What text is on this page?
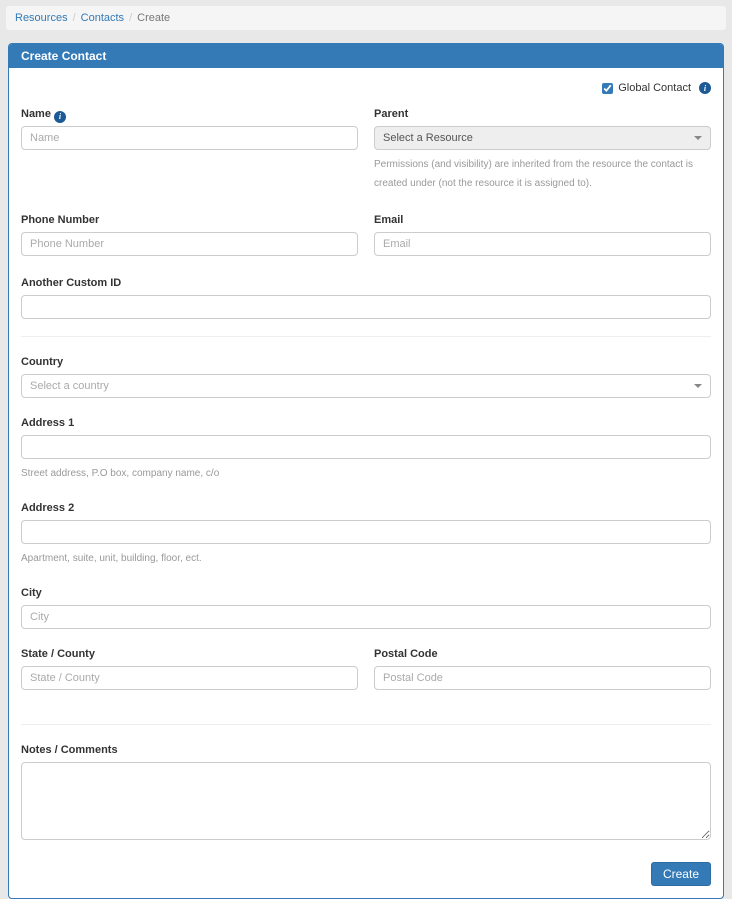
Resources / Contacts / Create
Create Contact
Global Contact	i
Name i Name	Parent
Select a Resource
Permissions (and visibility) are inherited from the resource the contact is created under (not the resource it is assigned to).
Phone Number Phone Number	Email Email
Another Custom ID
Country
Select a country
Address 1
Street address, P.O box, company name, c/o
Address 2
Apartment, suite, unit, building, floor, ect.
City City
State / County State / County	Postal Code Postal Code
Notes / Comments
Create
